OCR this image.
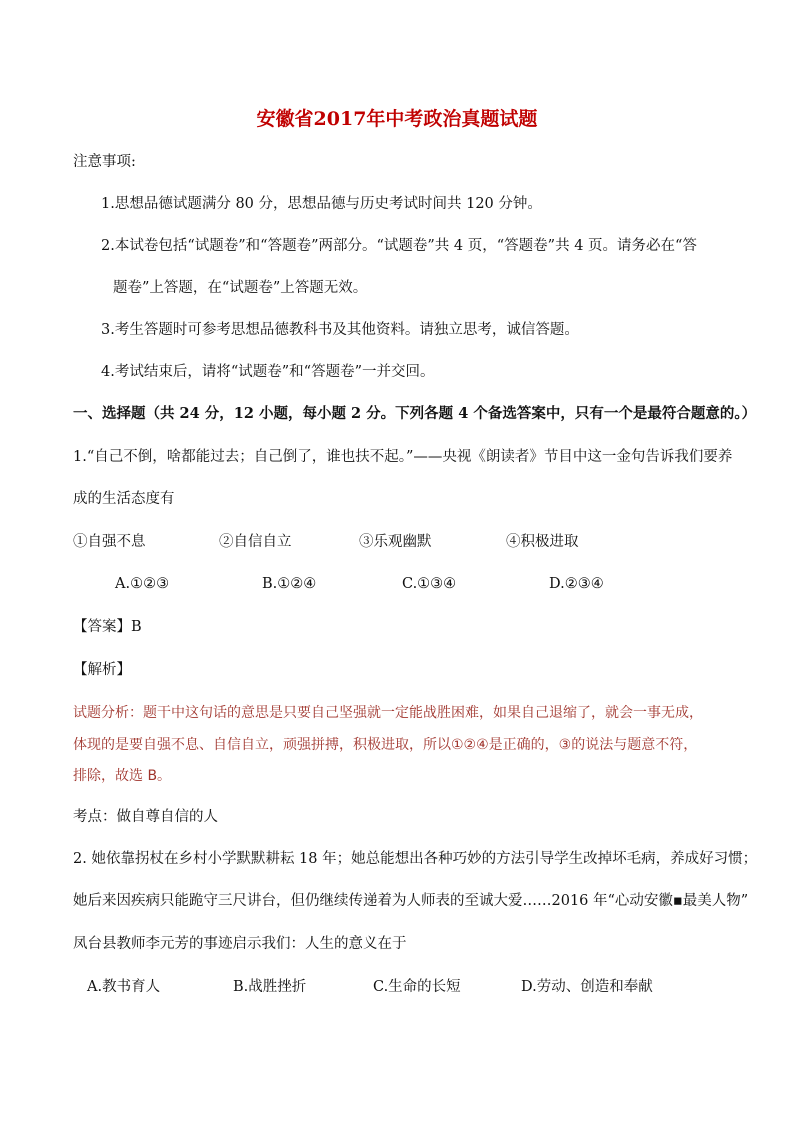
安徽省2017年中考政治真题试题
注意事项:
1.思想品德试题满分 80 分，思想品德与历史考试时间共 120 分钟。
2.本试卷包括“试题卷”和“答题卷”两部分。“试题卷”共 4 页，“答题卷”共 4 页。请务必在“答
题卷”上答题，在“试题卷”上答题无效。
3.考生答题时可参考思想品德教科书及其他资料。请独立思考，诚信答题。
4.考试结束后，请将“试题卷”和“答题卷”一并交回。
一、选择题（共 24 分，12 小题，每小题 2 分。下列各题 4 个备选答案中，只有一个是最符合题意的。）
1.“自己不倒，啥都能过去；自己倒了，谁也扶不起。”——央视《朗读者》节目中这一金句告诉我们要养
成的生活态度有
①自强不息	②自信自立	③乐观幽默	④积极进取
A.①②③	B.①②④	C.①③④	D.②③④
【答案】B
【解析】
试题分析：题干中这句话的意思是只要自己坚强就一定能战胜困难，如果自己退缩了，就会一事无成，
体现的是要自强不息、自信自立，顽强拼搏，积极进取，所以①②④是正确的，③的说法与题意不符，
排除，故选 B。
考点：做自尊自信的人
2. 她依靠拐杖在乡村小学默默耕耘 18 年；她总能想出各种巧妙的方法引导学生改掉坏毛病，养成好习惯；
她后来因疾病只能跪守三尺讲台，但仍继续传递着为人师表的至诚大爱……2016 年“心动安徽▪最美人物”
凤台县教师李元芳的事迹启示我们：人生的意义在于
A.教书育人	B.战胜挫折	C.生命的长短	D.劳动、创造和奉献
